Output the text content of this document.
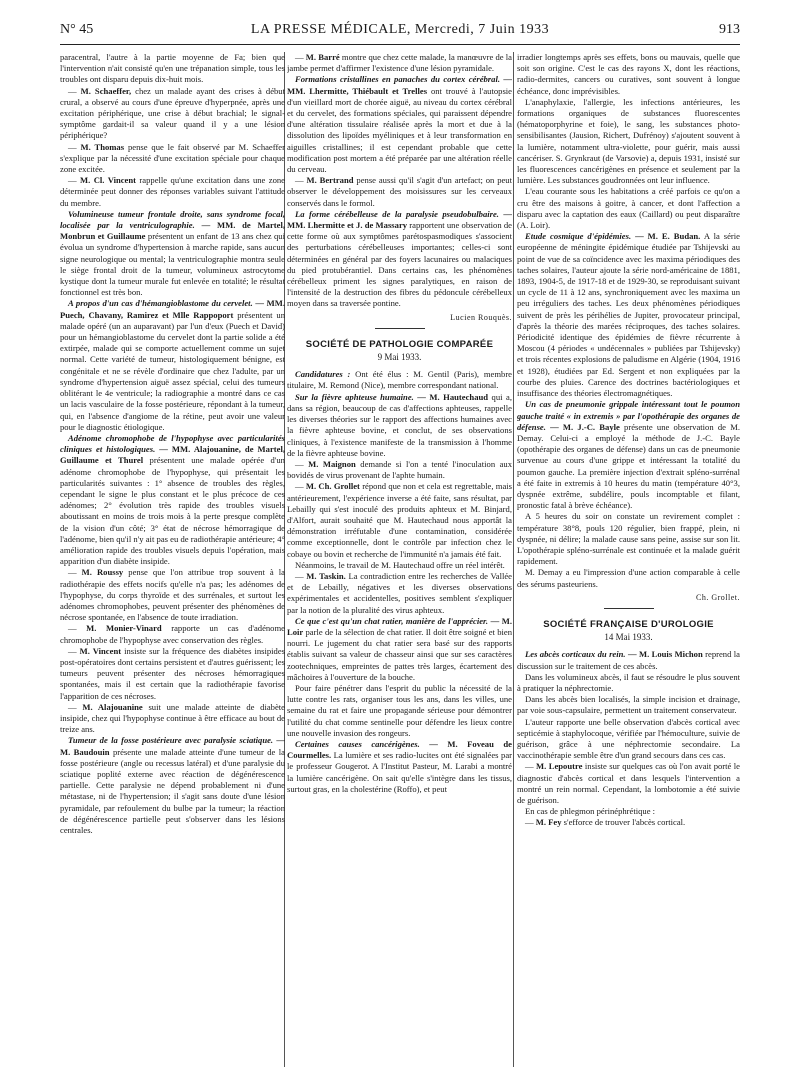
N° 45	LA PRESSE MÉDICALE, Mercredi, 7 Juin 1933	913

paracentral, l'autre à la partie moyenne de Fa; bien que l'intervention n'ait consisté qu'en une trépanation simple, tous les troubles ont disparu depuis dix-huit mois.

— M. Schaeffer, chez un malade ayant des crises à début crural, a observé au cours d'une épreuve d'hyperpnée, après une excitation périphérique, une crise à début brachial; le signal-symptôme gardait-il sa valeur quand il y a une lésion périphérique?

— M. Thomas pense que le fait observé par M. Schaeffer s'explique par la nécessité d'une excitation spéciale pour chaque zone excitée.

— M. Cl. Vincent rappelle qu'une excitation dans une zone déterminée peut donner des réponses variables suivant l'attitude du membre.

Volumineuse tumeur frontale droite, sans syndrome focal, localisée par la ventriculographie. — MM. de Martel, Monbrun et Guillaume présentent un enfant de 13 ans chez qui évolua un syndrome d'hypertension à marche rapide, sans aucun signe neurologique ou mental; la ventriculographie montra seule le siège frontal droit de la tumeur, volumineux astrocytome kystique dont la tumeur murale fut enlevée en totalité; le résultat fonctionnel est très bon.

A propos d'un cas d'hémangioblastome du cervelet. — MM. Puech, Chavany, Ramirez et Mlle Rappoport présentent un malade opéré (un an auparavant) par l'un d'eux (Puech et David) pour un hémangioblastome du cervelet dont la partie solide a été extirpée, malade qui se comporte actuellement comme un sujet normal. Cette variété de tumeur, histologiquement bénigne, est congénitale et ne se révèle d'ordinaire que chez l'adulte, par un syndrome d'hypertension aiguë assez spécial, celui des tumeurs oblitérant le 4e ventricule; la radiographie a montré dans ce cas un lacis vasculaire de la fosse postérieure, répondant à la tumeur, qui, en l'absence d'angiome de la rétine, peut avoir une valeur pour le diagnostic étiologique.

Adénome chromophobe de l'hypophyse avec particularités cliniques et histologiques. — MM. Alajouanine, de Martel, Guillaume et Thurel présentent une malade opérée d'un adénome chromophobe de l'hypophyse, qui présentait les particularités suivantes : 1° absence de troubles des règles, cependant le signe le plus constant et le plus précoce de ces adénomes; 2° évolution très rapide des troubles visuels aboutissant en moins de trois mois à la perte presque complète de la vision d'un côté; 3° état de nécrose hémorragique de l'adénome, bien qu'il n'y ait pas eu de radiothérapie antérieure; 4° amélioration rapide des troubles visuels depuis l'opération, mais apparition d'un diabète insipide.

— M. Roussy pense que l'on attribue trop souvent à la radiothérapie des effets nocifs qu'elle n'a pas; les adénomes de l'hypophyse, du corps thyroïde et des surrénales, et surtout les adénomes chromophobes, peuvent présenter des phénomènes de nécrose spontanée, en l'absence de toute irradiation.

— M. Monier-Vinard rapporte un cas d'adénome chromophobe de l'hypophyse avec conservation des règles.

— M. Vincent insiste sur la fréquence des diabètes insipides post-opératoires dont certains persistent et d'autres guérissent; les tumeurs peuvent présenter des nécroses hémorragiques spontanées, mais il est certain que la radiothérapie favorise l'apparition de ces nécroses.

— M. Alajouanine suit une malade atteinte de diabète insipide, chez qui l'hypophyse continue à être efficace au bout de treize ans.

Tumeur de la fosse postérieure avec paralysie sciatique. — M. Baudouin présente une malade atteinte d'une tumeur de la fosse postérieure (angle ou recessus latéral) et d'une paralysie du sciatique poplité externe avec réaction de dégénérescence partielle. Cette paralysie ne dépend probablement ni d'une métastase, ni de l'hypertension; il s'agit sans doute d'une lésion pyramidale, par refoulement du bulbe par la tumeur; la réaction de dégénérescence partielle peut s'observer dans les lésions centrales.

— M. Barré montre que chez cette malade, la manœuvre de la jambe permet d'affirmer l'existence d'une lésion pyramidale.

Formations cristallines en panaches du cortex cérébral. — MM. Lhermitte, Thiébault et Trelles ont trouvé à l'autopsie d'un vieillard mort de chorée aiguë, au niveau du cortex cérébral et du cervelet, des formations spéciales, qui paraissent dépendre d'une altération tissulaire réalisée après la mort et due à la dissolution des lipoïdes myéliniques et à leur transformation en aiguilles cristallines; il est cependant probable que cette modification post mortem a été préparée par une altération réelle du cerveau.

— M. Bertrand pense aussi qu'il s'agit d'un artefact; on peut observer le développement des moisissures sur les cerveaux conservés dans le formol.

La forme cérébelleuse de la paralysie pseudobulbaire. — MM. Lhermitte et J. de Massary rapportent une observation de cette forme où aux symptômes parétospasmodiques s'associent des perturbations cérébelleuses importantes; celles-ci sont déterminées en général par des foyers lacunaires ou malaciques du pied protubérantiel. Dans certains cas, les phénomènes cérébelleux priment les signes paralytiques, en raison de l'intensité de la destruction des fibres du pédoncule cérébelleux moyen dans sa traversée pontine.

Lucien Rouquès.
SOCIÉTÉ DE PATHOLOGIE COMPARÉE
9 Mai 1933.

Candidatures : Ont été élus : M. Gentil (Paris), membre titulaire, M. Remond (Nice), membre correspondant national.

Sur la fièvre aphteuse humaine. — M. Hautechaud qui a, dans sa région, beaucoup de cas d'affections aphteuses, rappelle les diverses théories sur le rapport des affections humaines avec la fièvre aphteuse bovine, et conclut, de ses observations cliniques, à l'existence manifeste de la transmission à l'homme de la fièvre aphteuse bovine.

— M. Maignon demande si l'on a tenté l'inoculation aux bovidés de virus provenant de l'aphte humain.

— M. Ch. Grollet répond que non et cela est regrettable, mais antérieurement, l'expérience inverse a été faite, sans résultat, par Lebailly qui s'est inoculé des produits aphteux et M. Binjard, d'Alfort, aurait souhaité que M. Hautechaud nous apportât la démonstration irréfutable d'une contamination, considérée comme exceptionnelle, dont le contrôle par infection chez le cobaye ou bovin et recherche de l'immunité n'a jamais été fait.

Néanmoins, le travail de M. Hautechaud offre un réel intérêt.

— M. Taskin. La contradiction entre les recherches de Vallée et de Lebailly, négatives et les diverses observations expérimentales et accidentelles, positives semblent s'expliquer par la notion de la pluralité des virus aphteux.

Ce que c'est qu'un chat ratier, manière de l'apprécier. — M. Loir parle de la sélection de chat ratier. Il doit être soigné et bien nourri. Le jugement du chat ratier sera basé sur des rapports établis suivant sa valeur de chasseur ainsi que sur ses caractères zootechniques, empreintes de pattes très larges, écartement des mâchoires à l'ouverture de la bouche.

Pour faire pénétrer dans l'esprit du public la nécessité de la lutte contre les rats, organiser tous les ans, dans les villes, une semaine du rat et faire une propagande sérieuse pour démontrer l'utilité du chat comme sentinelle pour défendre les lieux contre une nouvelle invasion des rongeurs.

Certaines causes cancérigènes. — M. Foveau de Courmelles. La lumière et ses radio-lucites ont été signalées par le professeur Gougerot. A l'Institut Pasteur, M. Larabi a montré la lumière cancérigène. On sait qu'elle s'intègre dans les tissus, surtout gras, en la cholestérine (Roffo), et peut

irradier longtemps après ses effets, bons ou mauvais, quelle que soit son origine. C'est le cas des rayons X, dont les réactions, radio-dermites, cancers ou curatives, sont souvent à longue échéance, donc imprévisibles.

L'anaphylaxie, l'allergie, les infections antérieures, les formations organiques de substances fluorescentes (hématoporphyrine et foie), le sang, les substances photo-sensibilisantes (Jausion, Richert, Dufrénoy) s'ajoutent souvent à la lumière, notamment ultra-violette, pour guérir, mais aussi cancériser. S. Grynkraut (de Varsovie) a, depuis 1931, insisté sur les fluorescences cancérigènes en présence et seulement par la lumière. Les substances goudronnées ont leur influence.

L'eau courante sous les habitations a créé parfois ce qu'on a cru être des maisons à goitre, à cancer, et dont l'affection a disparu avec la captation des eaux (Caillard) ou peut disparaître (A. Loir).

Etude cosmique d'épidémies. — M. E. Budan. A la série européenne de méningite épidémique étudiée par Tshijevski au point de vue de sa coïncidence avec les maxima périodiques des taches solaires, l'auteur ajoute la série nord-américaine de 1881, 1893, 1904-5, de 1917-18 et de 1929-30, se reproduisant suivant un cycle de 11 à 12 ans, synchroniquement avec les maxima un peu irréguliers des taches. Les deux phénomènes périodiques suivent de près les périhélies de Jupiter, provocateur principal, d'après la théorie des marées réciproques, des taches solaires. Périodicité identique des épidémies de fièvre récurrente à Moscou (4 périodes « undécennales » publiées par Tshijevsky) et trois récentes explosions de paludisme en Algérie (1904, 1916 et 1928), étudiées par Ed. Sergent et non expliquées par la courbe des pluies. Carence des doctrines bactériologiques et insuffisance des théories électromagnétiques.

Un cas de pneumonie grippale intéressant tout le poumon gauche traité « in extremis » par l'opothérapie des organes de défense. — M. J.-C. Bayle présente une observation de M. Demay. Celui-ci a employé la méthode de J.-C. Bayle (opothérapie des organes de défense) dans un cas de pneumonie survenue au cours d'une grippe et intéressant la totalité du poumon gauche. La première injection d'extrait spléno-surrénal a été faite in extremis à 10 heures du matin (température 40°3, dyspnée extrême, subdélire, pouls incomptable et filant, pronostic fatal à brève échéance).

A 5 heures du soir on constate un revirement complet : température 38°8, pouls 120 régulier, bien frappé, plein, ni dyspnée, ni délire; la malade cause sans peine, assise sur son lit. L'opothérapie spléno-surrénale est continuée et la malade guérit rapidement.

M. Demay a eu l'impression d'une action comparable à celle des sérums pasteuriens.

Ch. Grollet.
SOCIÉTÉ FRANÇAISE D'UROLOGIE
14 Mai 1933.

Les abcès corticaux du rein. — M. Louis Michon reprend la discussion sur le traitement de ces abcès.

Dans les volumineux abcès, il faut se résoudre le plus souvent à pratiquer la néphrectomie.

Dans les abcès bien localisés, la simple incision et drainage, par voie sous-capsulaire, permettent un traitement conservateur.

L'auteur rapporte une belle observation d'abcès cortical avec septicémie à staphylocoque, vérifiée par l'hémoculture, suivie de guérison, grâce à une néphrectomie secondaire. La vaccinothérapie semble être d'un grand secours dans ces cas.

— M. Lepoutre insiste sur quelques cas où l'on avait porté le diagnostic d'abcès cortical et dans lesquels l'intervention a montré un rein normal. Cependant, la lombotomie a été suivie de guérison.

En cas de phlegmon périnéphrétique :

— M. Fey s'efforce de trouver l'abcès cortical.
